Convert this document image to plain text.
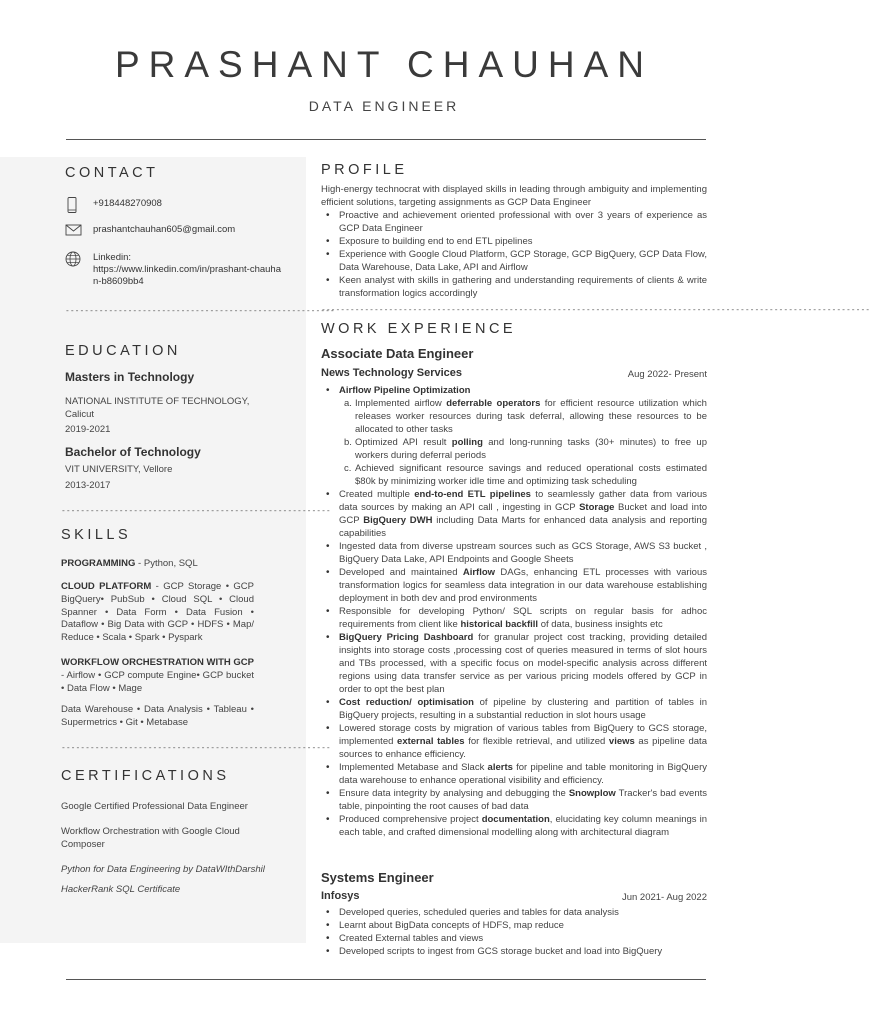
PRASHANT CHAUHAN
DATA ENGINEER
CONTACT
+918448270908
prashantchauhan605@gmail.com
Linkedin:
https://www.linkedin.com/in/prashant-chauhan-b8609bb4
--------------------------------------------------------
EDUCATION
Masters in Technology
NATIONAL INSTITUTE OF TECHNOLOGY, Calicut
2019-2021
Bachelor of Technology
VIT UNIVERSITY, Vellore
2013-2017
--------------------------------------------------------
SKILLS
PROGRAMMING - Python, SQL
CLOUD PLATFORM - GCP Storage • GCP BigQuery• PubSub • Cloud SQL • Cloud Spanner • Data Form • Data Fusion • Dataflow • Big Data with GCP • HDFS • Map/ Reduce • Scala • Spark • Pyspark
WORKFLOW ORCHESTRATION WITH GCP - Airflow • GCP compute Engine• GCP bucket • Data Flow • Mage
Data Warehouse • Data Analysis • Tableau • Supermetrics • Git • Metabase
--------------------------------------------------------
CERTIFICATIONS
Google Certified Professional Data Engineer
Workflow Orchestration with Google Cloud Composer
Python for Data Engineering by DataWIthDarshil
HackerRank SQL Certificate
PROFILE
High-energy technocrat with displayed skills in leading through ambiguity and implementing efficient solutions, targeting assignments as GCP Data Engineer
• Proactive and achievement oriented professional with over 3 years of experience as GCP Data Engineer
• Exposure to building end to end ETL pipelines
• Experience with Google Cloud Platform, GCP Storage, GCP BigQuery, GCP Data Flow, Data Warehouse, Data Lake, API and Airflow
• Keen analyst with skills in gathering and understanding requirements of clients & write transformation logics accordingly
------------------------------------------------------------------------------------------------------------------
WORK EXPERIENCE
Associate Data Engineer
News Technology Services	Aug 2022- Present
• Airflow Pipeline Optimization
a. Implemented airflow deferrable operators for efficient resource utilization which releases worker resources during task deferral, allowing these resources to be allocated to other tasks
b. Optimized API result polling and long-running tasks (30+ minutes) to free up workers during deferral periods
c. Achieved significant resource savings and reduced operational costs estimated $80k by minimizing worker idle time and optimizing task scheduling
• Created multiple end-to-end ETL pipelines to seamlessly gather data from various data sources by making an API call , ingesting in GCP Storage Bucket and load into GCP BigQuery DWH including Data Marts for enhanced data analysis and reporting capabilities
• Ingested data from diverse upstream sources such as GCS Storage, AWS S3 bucket , BigQuery Data Lake, API Endpoints and Google Sheets
• Developed and maintained Airflow DAGs, enhancing ETL processes with various transformation logics for seamless data integration in our data warehouse establishing deployment in both dev and prod environments
• Responsible for developing Python/ SQL scripts on regular basis for adhoc requirements from client like historical backfill of data, business insights etc
• BigQuery Pricing Dashboard for granular project cost tracking, providing detailed insights into storage costs ,processing cost of queries measured in terms of slot hours and TBs processed, with a specific focus on model-specific analysis across different regions using data transfer service as per various pricing models offered by GCP in order to opt the best plan
• Cost reduction/ optimisation of pipeline by clustering and partition of tables in BigQuery projects, resulting in a substantial reduction in slot hours usage
• Lowered storage costs by migration of various tables from BigQuery to GCS storage, implemented external tables for flexible retrieval, and utilized views as pipeline data sources to enhance efficiency.
• Implemented Metabase and Slack alerts for pipeline and table monitoring in BigQuery data warehouse to enhance operational visibility and efficiency.
• Ensure data integrity by analysing and debugging the Snowplow Tracker's bad events table, pinpointing the root causes of bad data
• Produced comprehensive project documentation, elucidating key column meanings in each table, and crafted dimensional modelling along with architectural diagram
Systems Engineer
Infosys	Jun 2021- Aug 2022
• Developed queries, scheduled queries and tables for data analysis
• Learnt about BigData concepts of HDFS, map reduce
• Created External tables and views
• Developed scripts to ingest from GCS storage bucket and load into BigQuery
